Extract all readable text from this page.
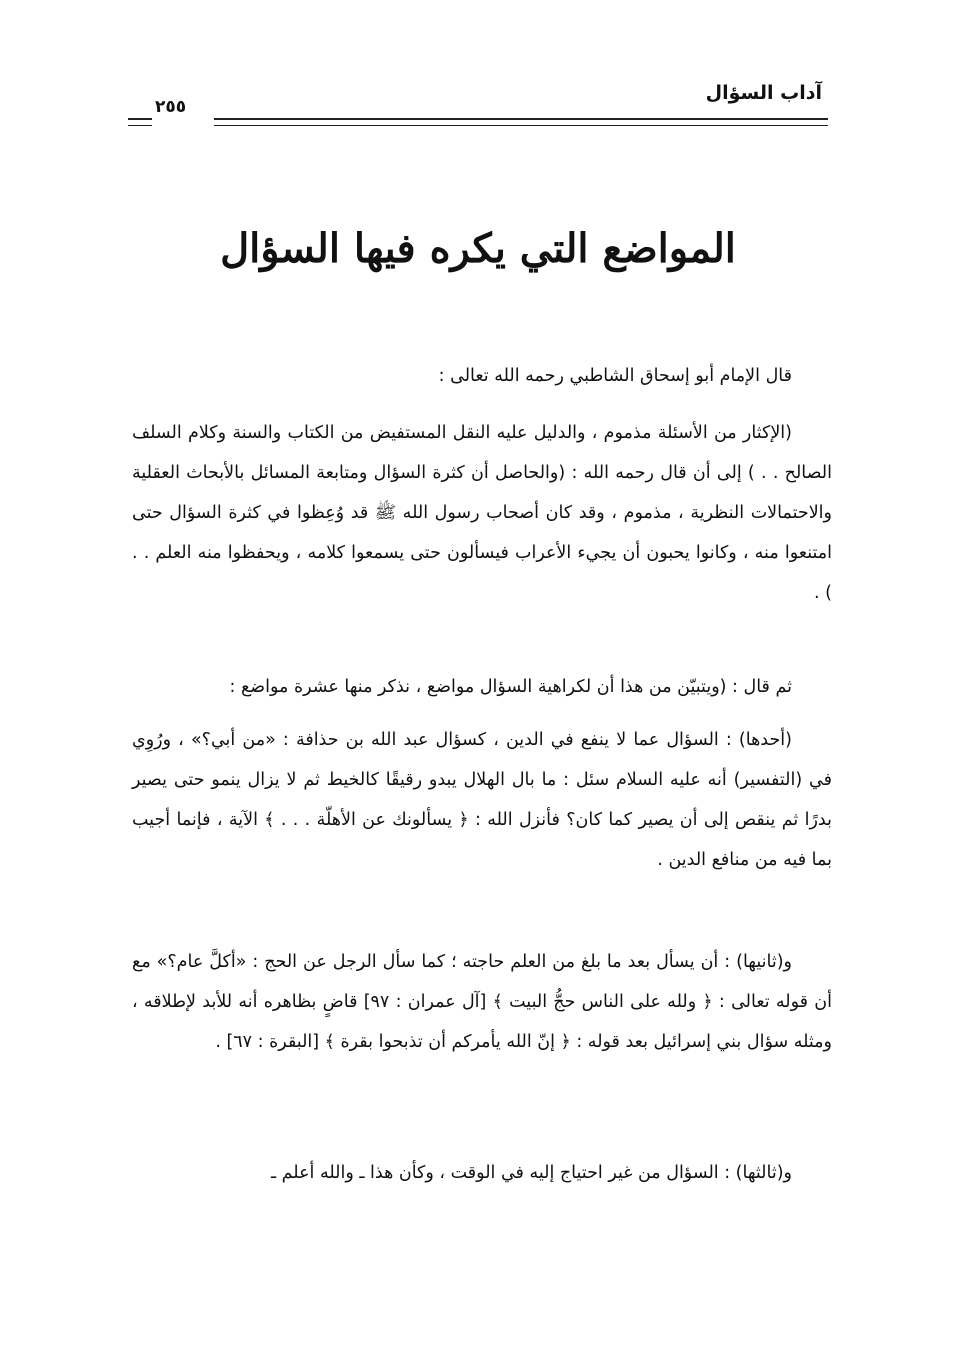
آداب السؤال
٢٥٥
المواضع التي يكره فيها السؤال
قال الإمام أبو إسحاق الشاطبي رحمه الله تعالى :
(الإكثار من الأسئلة مذموم ، والدليل عليه النقل المستفيض من الكتاب والسنة وكلام السلف الصالح . . ) إلى أن قال رحمه الله : (والحاصل أن كثرة السؤال ومتابعة المسائل بالأبحاث العقلية والاحتمالات النظرية ، مذموم ، وقد كان أصحاب رسول الله ﷺ قد وُعِظوا في كثرة السؤال حتى امتنعوا منه ، وكانوا يحبون أن يجيء الأعراب فيسألون حتى يسمعوا كلامه ، ويحفظوا منه العلم . . ) .
ثم قال : (ويتبيّن من هذا أن لكراهية السؤال مواضع ، نذكر منها عشرة مواضع :
(أحدها) : السؤال عما لا ينفع في الدين ، كسؤال عبد الله بن حذافة : «من أبي؟» ، ورُوِي في (التفسير) أنه عليه السلام سئل : ما بال الهلال يبدو رقيقًا كالخيط ثم لا يزال ينمو حتى يصير بدرًا ثم ينقص إلى أن يصير كما كان؟ فأنزل الله : ﴿ يسألونك عن الأهلّة . . . ﴾ الآية ، فإنما أجيب بما فيه من منافع الدين .
و(ثانيها) : أن يسأل بعد ما بلغ من العلم حاجته ؛ كما سأل الرجل عن الحج : «أكلَّ عام؟» مع أن قوله تعالى : ﴿ ولله على الناس حجُّ البيت ﴾ [آل عمران : ٩٧] قاضٍ بظاهره أنه للأبد لإطلاقه ، ومثله سؤال بني إسرائيل بعد قوله : ﴿ إنّ الله يأمركم أن تذبحوا بقرة ﴾ [البقرة : ٦٧] .
و(ثالثها) : السؤال من غير احتياج إليه في الوقت ، وكأن هذا ـ والله أعلم ـ
